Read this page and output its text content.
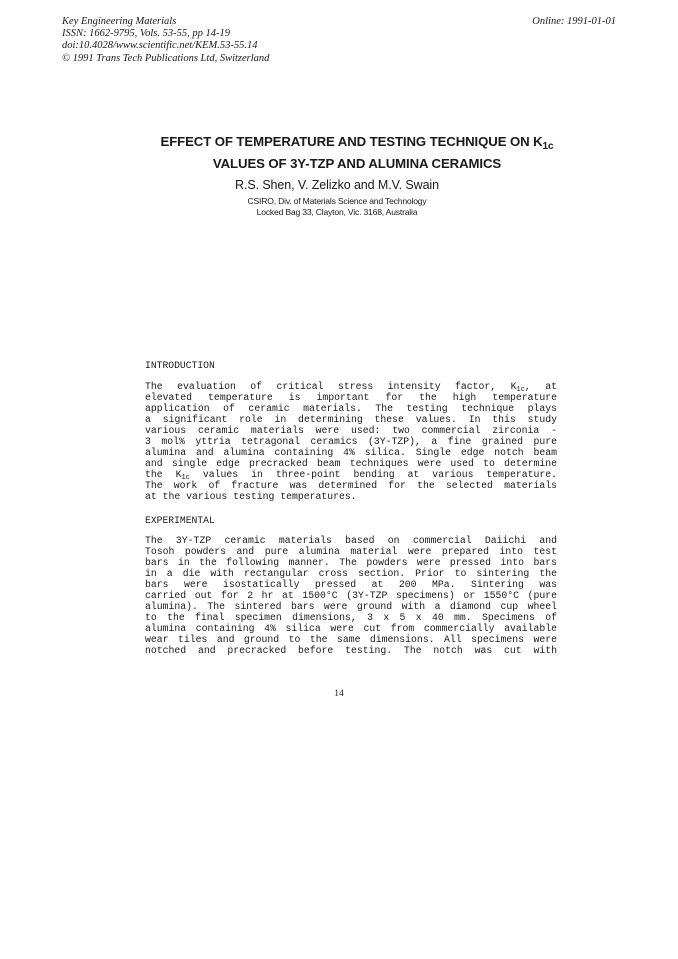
Key Engineering Materials
ISSN: 1662-9795, Vols. 53-55, pp 14-19
doi:10.4028/www.scientific.net/KEM.53-55.14
© 1991 Trans Tech Publications Ltd, Switzerland
Online: 1991-01-01
EFFECT OF TEMPERATURE AND TESTING TECHNIQUE ON $K_{1c}$
VALUES OF 3Y-TZP AND ALUMINA CERAMICS
R.S. Shen, V. Zelizko and M.V. Swain
CSIRO, Div. of Materials Science and Technology
Locked Bag 33, Clayton, Vic. 3168, Australia
INTRODUCTION
The evaluation of critical stress intensity factor, $K_{1c}$, at
elevated temperature is important for the high temperature
application of ceramic materials. The testing technique plays
a significant role in determining these values. In this study
various ceramic materials were used: two commercial zirconia -
3 mol% yttria tetragonal ceramics (3Y-TZP), a fine grained pure
alumina and alumina containing 4% silica. Single edge notch beam
and single edge precracked beam techniques were used to determine
the $K_{1c}$ values in three-point bending at various temperature.
The work of fracture was determined for the selected materials
at the various testing temperatures.
EXPERIMENTAL
The 3Y-TZP ceramic materials based on commercial Daiichi and
Tosoh powders and pure alumina material were prepared into test
bars in the following manner. The powders were pressed into bars
in a die with rectangular cross section. Prior to sintering the
bars were isostatically pressed at 200 MPa. Sintering was
carried out for 2 hr at 1500°C (3Y-TZP specimens) or 1550°C (pure
alumina). The sintered bars were ground with a diamond cup wheel
to the final specimen dimensions, 3 x 5 x 40 mm. Specimens of
alumina containing 4% silica were cut from commercially available
wear tiles and ground to the same dimensions. All specimens were
notched and precracked before testing. The notch was cut with
14
